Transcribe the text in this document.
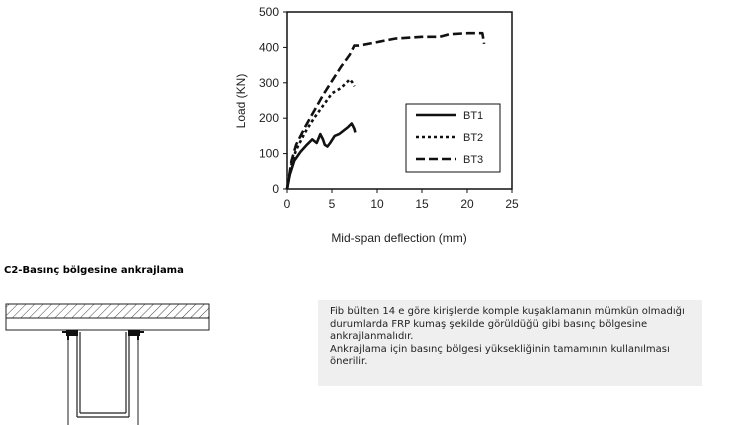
0	5	10	15	20	25
0
100
200
300
400
500
Mid-span deflection (mm)
Load (KN)	BT1
BT2
BT3
C2-Basınç bölgesine ankrajlama

Fib bülten 14 e göre kirişlerde komple kuşaklamanın mümkün olmadığı durumlarda FRP kumaş şekilde görüldüğü gibi basınç bölgesine ankrajlanmalıdır.

Ankrajlama için basınç bölgesi yüksekliğinin tamamının kullanılması önerilir.
